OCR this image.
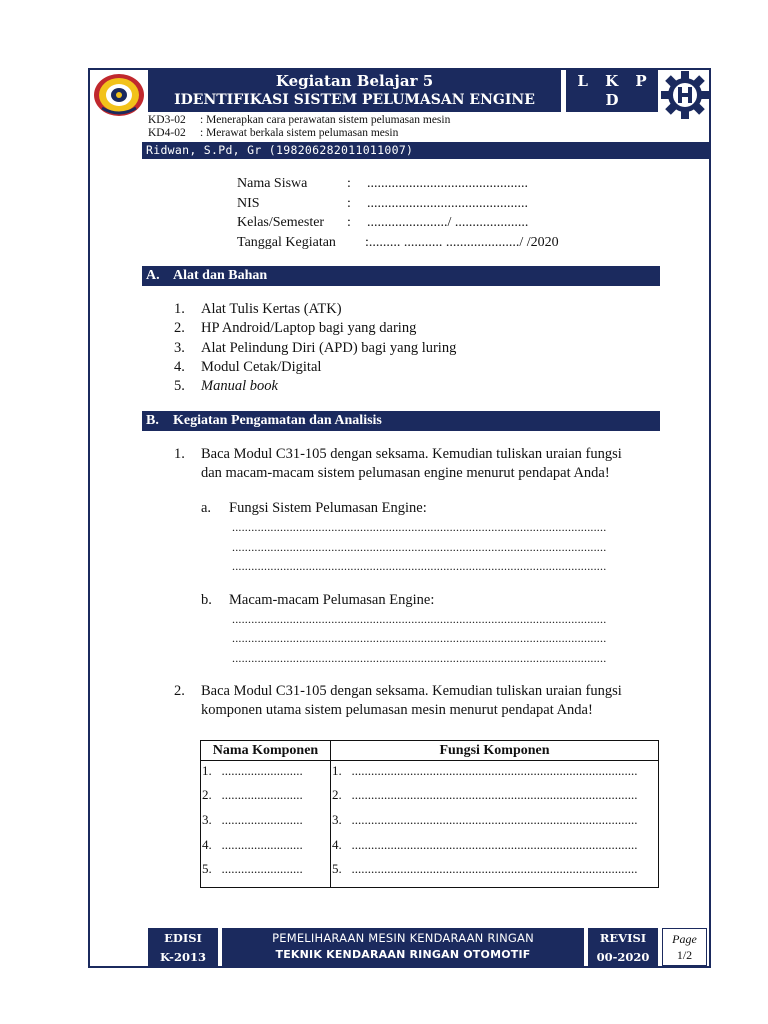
Kegiatan Belajar 5
IDENTIFIKASI SISTEM PELUMASAN ENGINE
L K P D
C31-105
KD3-02 : Menerapkan cara perawatan sistem pelumasan mesin
KD4-02 : Merawat berkala sistem pelumasan mesin
Ridwan, S.Pd, Gr (198206282011011007)
Nama Siswa	: ..............................................
NIS	: ..............................................
Kelas/Semester : ......................./ .....................
Tanggal Kegiatan :......... ........... ...................../ /2020
A. Alat dan Bahan
1. Alat Tulis Kertas (ATK)
2. HP Android/Laptop bagi yang daring
3. Alat Pelindung Diri (APD) bagi yang luring
4. Modul Cetak/Digital
5. Manual book
B. Kegiatan Pengamatan dan Analisis
1. Baca Modul C31-105 dengan seksama. Kemudian tuliskan uraian fungsi
dan macam-macam sistem pelumasan engine menurut pendapat Anda!
a. Fungsi Sistem Pelumasan Engine:
.....................................................................................................................
.....................................................................................................................
.....................................................................................................................
b. Macam-macam Pelumasan Engine:
.....................................................................................................................
.....................................................................................................................
.....................................................................................................................
2. Baca Modul C31-105 dengan seksama. Kemudian tuliskan uraian fungsi
komponen utama sistem pelumasan mesin menurut pendapat Anda!
Nama Komponen	Fungsi Komponen
1. .........................	1. ........................................................................................
2. .........................	2. ........................................................................................
3. .........................	3. ........................................................................................
4. .........................	4. ........................................................................................
5. .........................	5. ........................................................................................
EDISI
K-2013
PEMELIHARAAN MESIN KENDARAAN RINGAN
TEKNIK KENDARAAN RINGAN OTOMOTIF
REVISI
00-2020
Page
1/2
